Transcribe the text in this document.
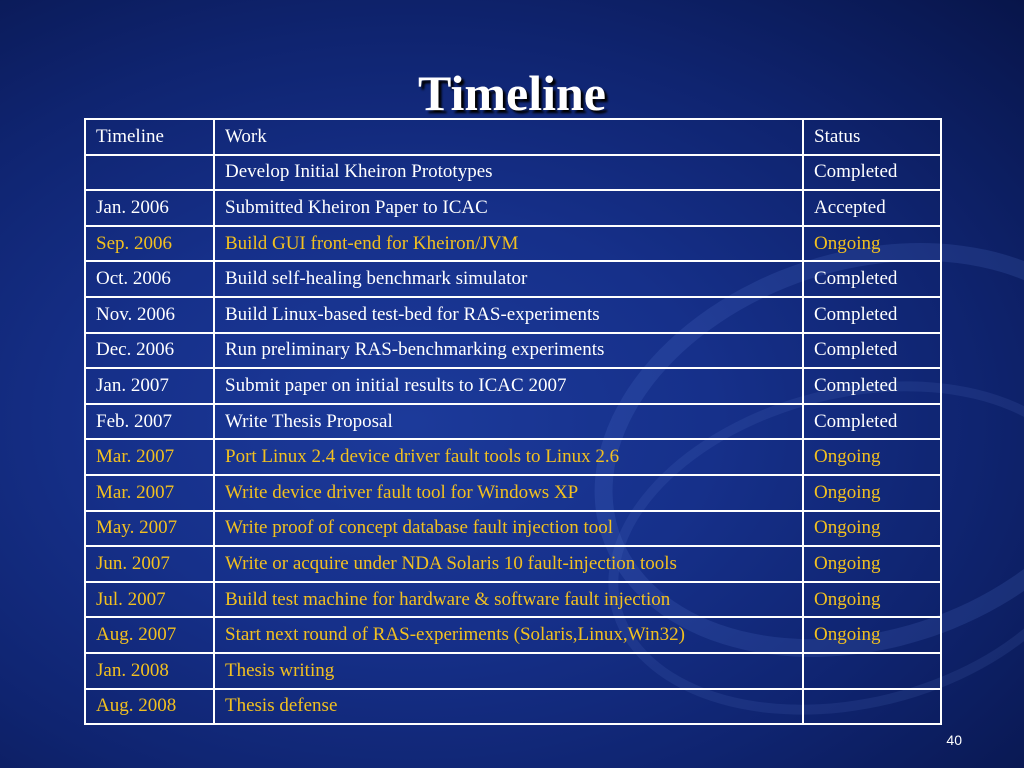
Timeline
Timeline	Work	Status
	Develop Initial Kheiron Prototypes	Completed
Jan. 2006	Submitted Kheiron Paper to ICAC	Accepted
Sep. 2006	Build GUI front-end for Kheiron/JVM	Ongoing
Oct. 2006	Build self-healing benchmark simulator	Completed
Nov. 2006	Build Linux-based test-bed for RAS-experiments	Completed
Dec. 2006	Run preliminary RAS-benchmarking experiments	Completed
Jan. 2007	Submit paper on initial results to ICAC 2007	Completed
Feb. 2007	Write Thesis Proposal	Completed
Mar. 2007	Port Linux 2.4 device driver fault tools to Linux 2.6	Ongoing
Mar. 2007	Write device driver fault tool for Windows XP	Ongoing
May. 2007	Write proof of concept database fault injection tool	Ongoing
Jun. 2007	Write or acquire under NDA Solaris 10 fault-injection tools	Ongoing
Jul. 2007	Build test machine for hardware & software fault injection	Ongoing
Aug. 2007	Start next round of RAS-experiments (Solaris,Linux,Win32)	Ongoing
Jan. 2008	Thesis writing	
Aug. 2008	Thesis defense	
40
